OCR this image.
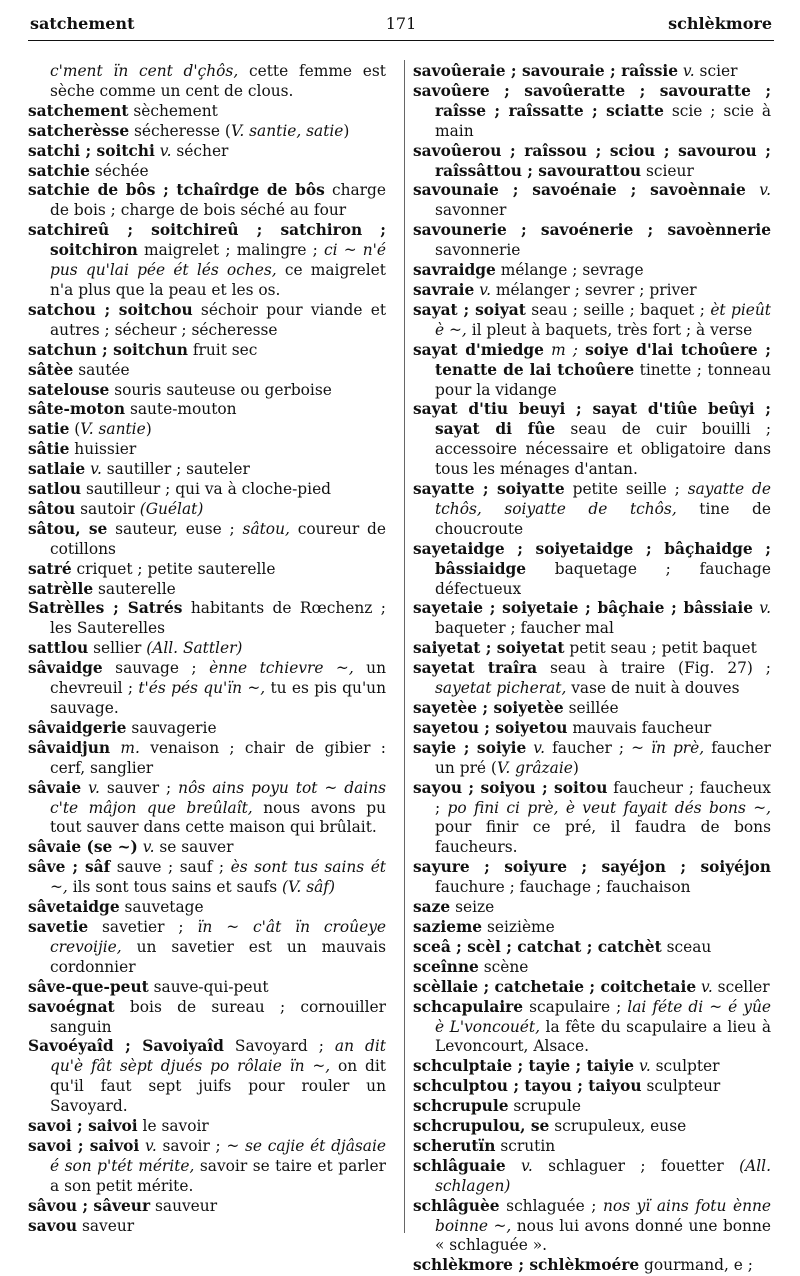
satchement	171	schlèkmore

c'ment ïn cent d'çhôs, cette femme est sèche comme un cent de clous.

satchement sèchement

satcherèsse sécheresse (V. santie, satie)

satchi ; soitchi v. sécher

satchie séchée

satchie de bôs ; tchaîrdge de bôs charge de bois ; charge de bois séché au four

satchireû ; soitchireû ; satchiron ; soitchiron maigrelet ; malingre ; ci ~ n'é pus qu'lai pée ét lés oches, ce maigrelet n'a plus que la peau et les os.

satchou ; soitchou séchoir pour viande et autres ; sécheur ; sécheresse

satchun ; soitchun fruit sec

sâtèe sautée

satelouse souris sauteuse ou gerboise

sâte-moton saute-mouton

satie (V. santie)

sâtie huissier

satlaie v. sautiller ; sauteler

satlou sautilleur ; qui va à cloche-pied

sâtou sautoir (Guélat)

sâtou, se sauteur, euse ; sâtou, coureur de cotillons

satré criquet ; petite sauterelle

satrèlle sauterelle

Satrèlles ; Satrés habitants de Rœchenz ; les Sauterelles

sattlou sellier (All. Sattler)

sâvaidge sauvage ; ènne tchievre ~, un chevreuil ; t'és pés qu'ïn ~, tu es pis qu'un sauvage.

sâvaidgerie sauvagerie

sâvaidjun m. venaison ; chair de gibier : cerf, sanglier

sâvaie v. sauver ; nôs ains poyu tot ~ dains c'te mâjon que breûlaît, nous avons pu tout sauver dans cette maison qui brûlait.

sâvaie (se ~) v. se sauver

sâve ; sâf sauve ; sauf ; ès sont tus sains ét ~, ils sont tous sains et saufs (V. sâf)

sâvetaidge sauvetage

savetie savetier ; ïn ~ c'ât ïn croûeye crevoijie, un savetier est un mauvais cordonnier

sâve-que-peut sauve-qui-peut

savoégnat bois de sureau ; cornouiller sanguin

Savoéyaîd ; Savoiyaîd Savoyard ; an dit qu'è fât sèpt djués po rôlaie ïn ~, on dit qu'il faut sept juifs pour rouler un Savoyard.

savoi ; saivoi le savoir

savoi ; saivoi v. savoir ; ~ se cajie ét djâsaie é son p'tét mérite, savoir se taire et parler a son petit mérite.

sâvou ; sâveur sauveur

savou saveur

savoûeraie ; savouraie ; raîssie v. scier

savoûere ; savoûeratte ; savouratte ; raîsse ; raîssatte ; sciatte scie ; scie à main

savoûerou ; raîssou ; sciou ; savourou ; raîssâttou ; savourattou scieur

savounaie ; savoénaie ; savoènnaie v. savonner

savounerie ; savoénerie ; savoènnerie savonnerie

savraidge mélange ; sevrage

savraie v. mélanger ; sevrer ; priver

sayat ; soiyat seau ; seille ; baquet ; èt pieût è ~, il pleut à baquets, très fort ; à verse

sayat d'miedge m ; soiye d'lai tchoûere ; tenatte de lai tchoûere tinette ; tonneau pour la vidange

sayat d'tiu beuyi ; sayat d'tiûe beûyi ; sayat di fûe seau de cuir bouilli ; accessoire nécessaire et obligatoire dans tous les ménages d'antan.

sayatte ; soiyatte petite seille ; sayatte de tchôs, soiyatte de tchôs, tine de choucroute

sayetaidge ; soiyetaidge ; bâçhaidge ; bâssiaidge baquetage ; fauchage défectueux

sayetaie ; soiyetaie ; bâçhaie ; bâssiaie v. baqueter ; faucher mal

saiyetat ; soiyetat petit seau ; petit baquet

sayetat traîra seau à traire (Fig. 27) ; sayetat picherat, vase de nuit à douves

sayetèe ; soiyetèe seillée

sayetou ; soiyetou mauvais faucheur

sayie ; soiyie v. faucher ; ~ ïn prè, faucher un pré (V. grâzaie)

sayou ; soiyou ; soitou faucheur ; faucheux ; po fini ci prè, è veut fayait dés bons ~, pour finir ce pré, il faudra de bons faucheurs.

sayure ; soiyure ; sayéjon ; soiyéjon fauchure ; fauchage ; fauchaison

saze seize

sazieme seizième

sceâ ; scèl ; catchat ; catchèt sceau

sceînne scène

scèllaie ; catchetaie ; coitchetaie v. sceller

schcapulaire scapulaire ; lai féte di ~ é yûe è L'voncouét, la fête du scapulaire a lieu à Levoncourt, Alsace.

schculptaie ; tayie ; taiyie v. sculpter

schculptou ; tayou ; taiyou sculpteur

schcrupule scrupule

schcrupulou, se scrupuleux, euse

scherutïn scrutin

schlâguaie v. schlaguer ; fouetter (All. schlagen)

schlâguèe schlaguée ; nos yï ains fotu ènne boinne ~, nous lui avons donné une bonne « schlaguée ».

schlèkmore ; schlèkmoére gourmand, e ;
